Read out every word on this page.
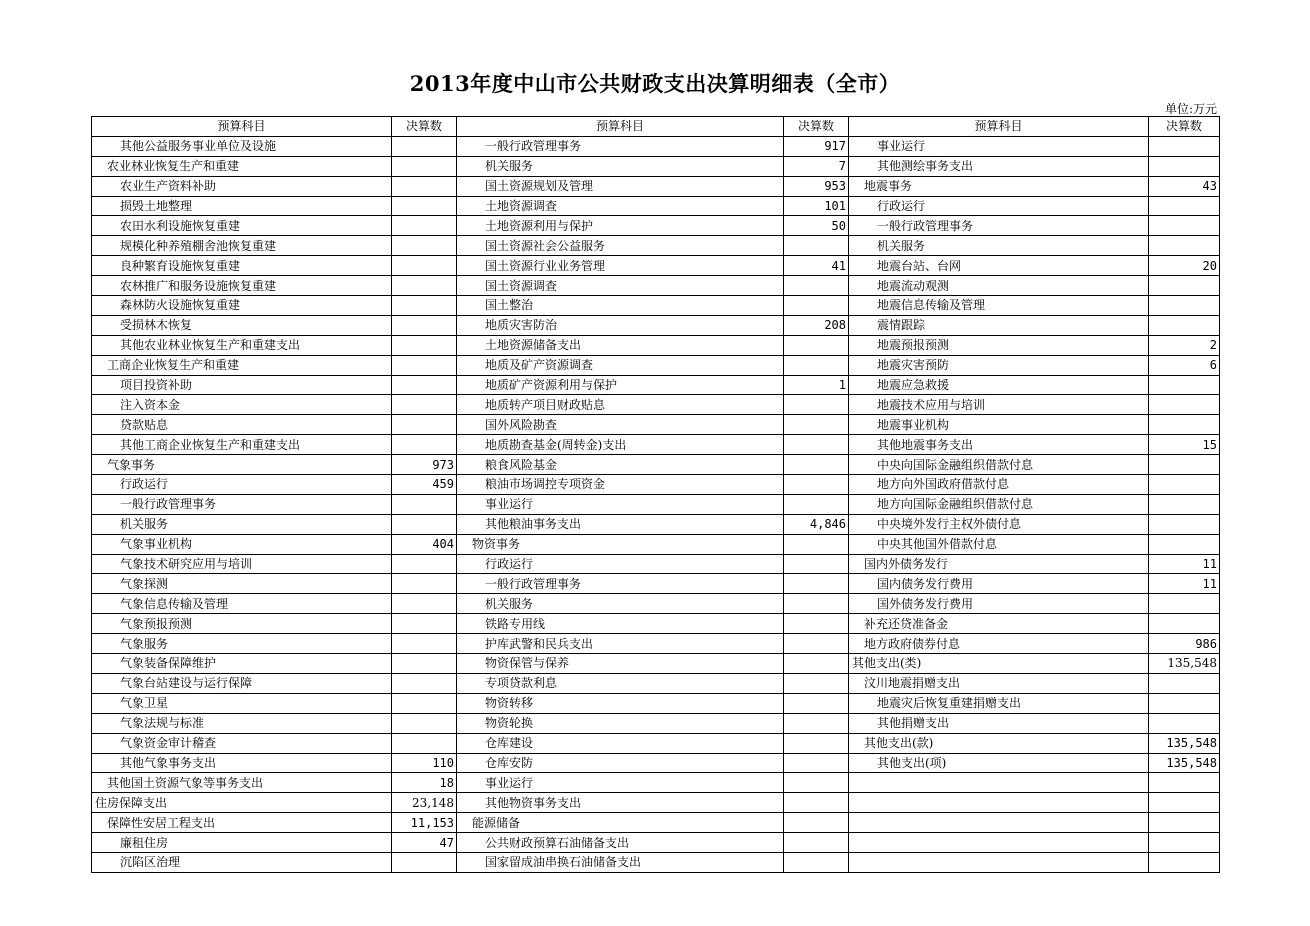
2013年度中山市公共财政支出决算明细表（全市）
单位:万元
预算科目	决算数	预算科目	决算数	预算科目	决算数
其他公益服务事业单位及设施		一般行政管理事务	917	事业运行	
农业林业恢复生产和重建		机关服务	7	其他测绘事务支出	
农业生产资料补助		国土资源规划及管理	953	地震事务	43
损毁土地整理		土地资源调查	101	行政运行	
农田水利设施恢复重建		土地资源利用与保护	50	一般行政管理事务	
规模化种养殖棚舍池恢复重建		国土资源社会公益服务		机关服务	
良种繁育设施恢复重建		国土资源行业业务管理	41	地震台站、台网	20
农林推广和服务设施恢复重建		国土资源调查		地震流动观测	
森林防火设施恢复重建		国土整治		地震信息传输及管理	
受损林木恢复		地质灾害防治	208	震情跟踪	
其他农业林业恢复生产和重建支出		土地资源储备支出		地震预报预测	2
工商企业恢复生产和重建		地质及矿产资源调查		地震灾害预防	6
项目投资补助		地质矿产资源利用与保护	1	地震应急救援	
注入资本金		地质转产项目财政贴息		地震技术应用与培训	
贷款贴息		国外风险勘查		地震事业机构	
其他工商企业恢复生产和重建支出		地质勘查基金(周转金)支出		其他地震事务支出	15
气象事务	973	粮食风险基金		中央向国际金融组织借款付息	
行政运行	459	粮油市场调控专项资金		地方向外国政府借款付息	
一般行政管理事务		事业运行		地方向国际金融组织借款付息	
机关服务		其他粮油事务支出	4,846	中央境外发行主权外债付息	
气象事业机构	404	物资事务		中央其他国外借款付息	
气象技术研究应用与培训		行政运行		国内外债务发行	11
气象探测		一般行政管理事务		国内债务发行费用	11
气象信息传输及管理		机关服务		国外债务发行费用	
气象预报预测		铁路专用线		补充还贷准备金	
气象服务		护库武警和民兵支出		地方政府债券付息	986
气象装备保障维护		物资保管与保养		其他支出(类)	135,548
气象台站建设与运行保障		专项贷款利息		汶川地震捐赠支出	
气象卫星		物资转移		地震灾后恢复重建捐赠支出	
气象法规与标准		物资轮换		其他捐赠支出	
气象资金审计稽查		仓库建设		其他支出(款)	135,548
其他气象事务支出	110	仓库安防		其他支出(项)	135,548
其他国土资源气象等事务支出	18	事业运行			
住房保障支出	23,148	其他物资事务支出			
保障性安居工程支出	11,153	能源储备			
廉租住房	47	公共财政预算石油储备支出			
沉陷区治理		国家留成油串换石油储备支出			
